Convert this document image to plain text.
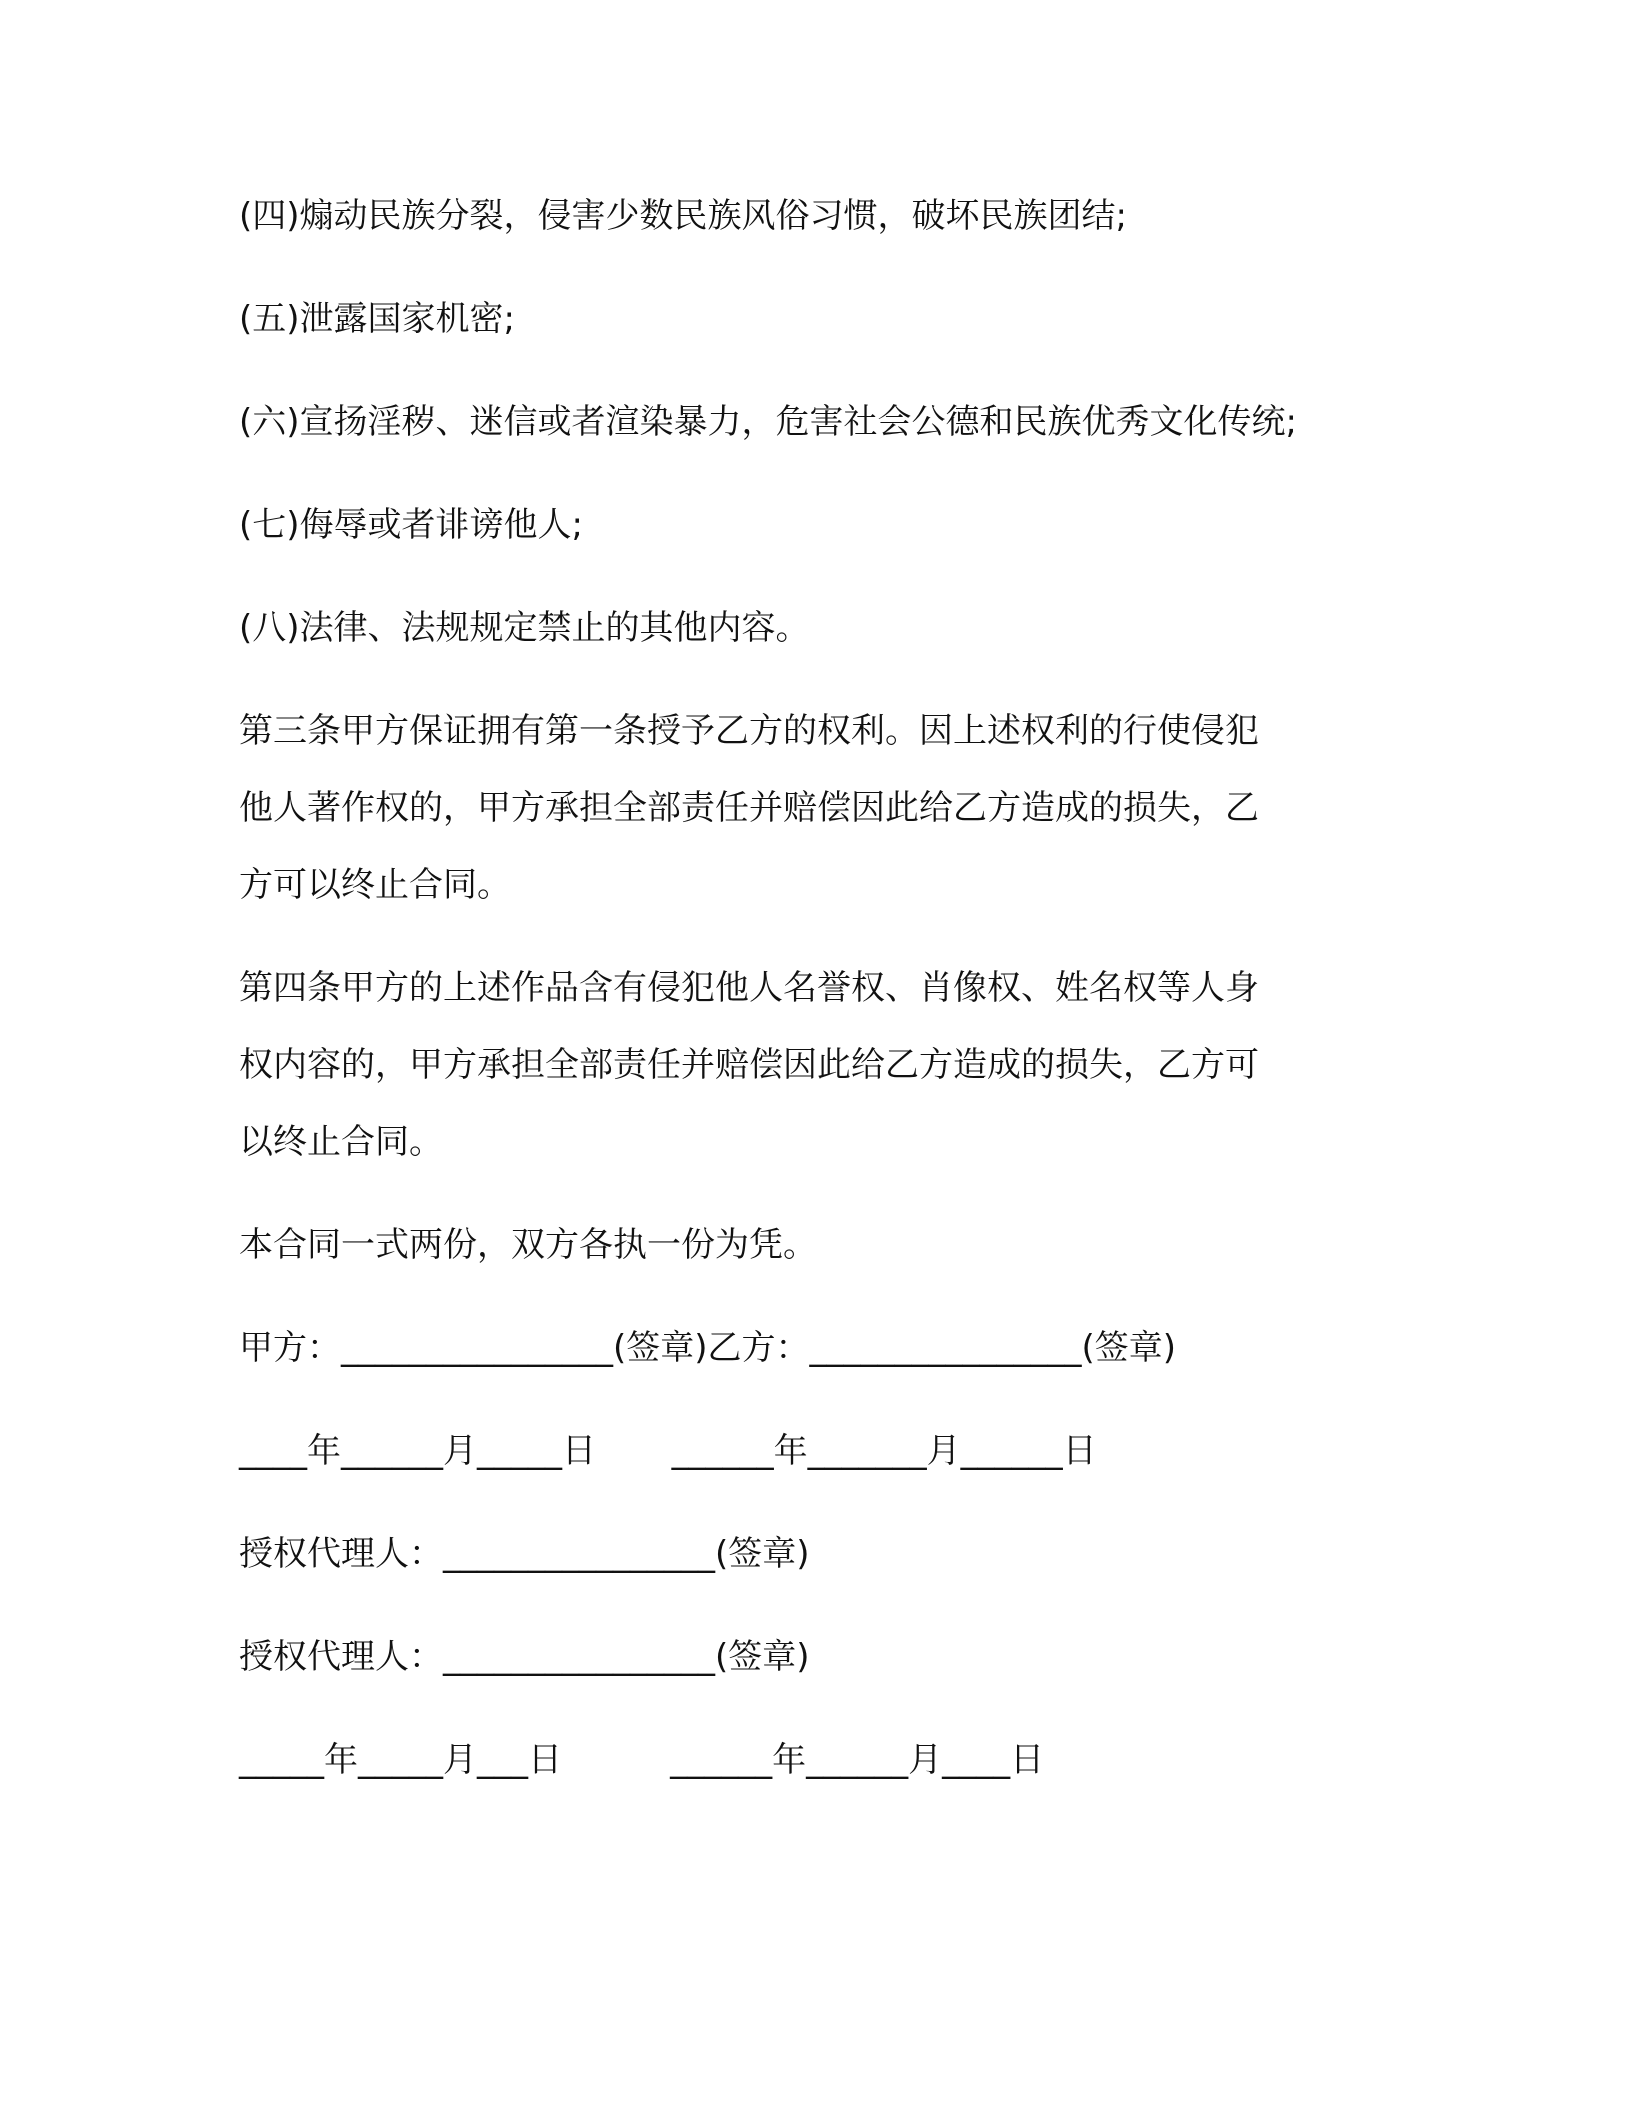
(四)煽动民族分裂，侵害少数民族风俗习惯，破坏民族团结;

(五)泄露国家机密;

(六)宣扬淫秽、迷信或者渲染暴力，危害社会公德和民族优秀文化传统;

(七)侮辱或者诽谤他人;

(八)法律、法规规定禁止的其他内容。

第三条甲方保证拥有第一条授予乙方的权利。因上述权利的行使侵犯

他人著作权的，甲方承担全部责任并赔偿因此给乙方造成的损失，乙

方可以终止合同。

第四条甲方的上述作品含有侵犯他人名誉权、肖像权、姓名权等人身

权内容的，甲方承担全部责任并赔偿因此给乙方造成的损失，乙方可

以终止合同。

本合同一式两份，双方各执一份为凭。

甲方：________________(签章)乙方：________________(签章)

____年______月_____日       ______年_______月______日

授权代理人：________________(签章)

授权代理人：________________(签章)

_____年_____月___日          ______年______月____日
